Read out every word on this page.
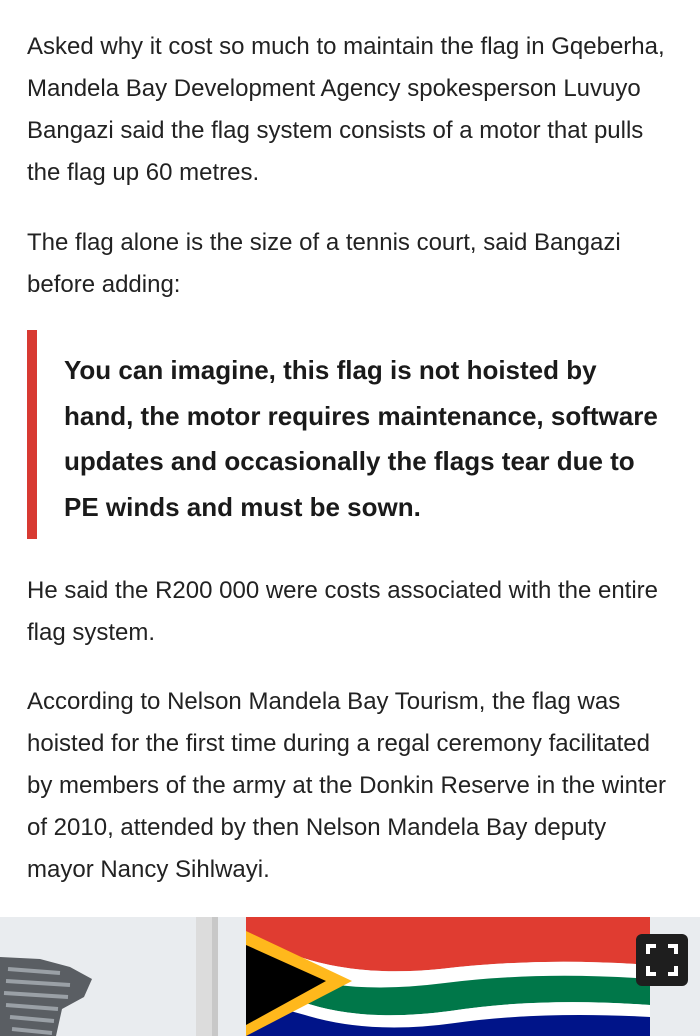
Asked why it cost so much to maintain the flag in Gqeberha, Mandela Bay Development Agency spokesperson Luvuyo Bangazi said the flag system consists of a motor that pulls the flag up 60 metres.

The flag alone is the size of a tennis court, said Bangazi before adding:

You can imagine, this flag is not hoisted by hand, the motor requires maintenance, software updates and occasionally the flags tear due to PE winds and must be sown.

He said the R200 000 were costs associated with the entire flag system.

According to Nelson Mandela Bay Tourism, the flag was hoisted for the first time during a regal ceremony facilitated by members of the army at the Donkin Reserve in the winter of 2010, attended by then Nelson Mandela Bay deputy mayor Nancy Sihlwayi.
